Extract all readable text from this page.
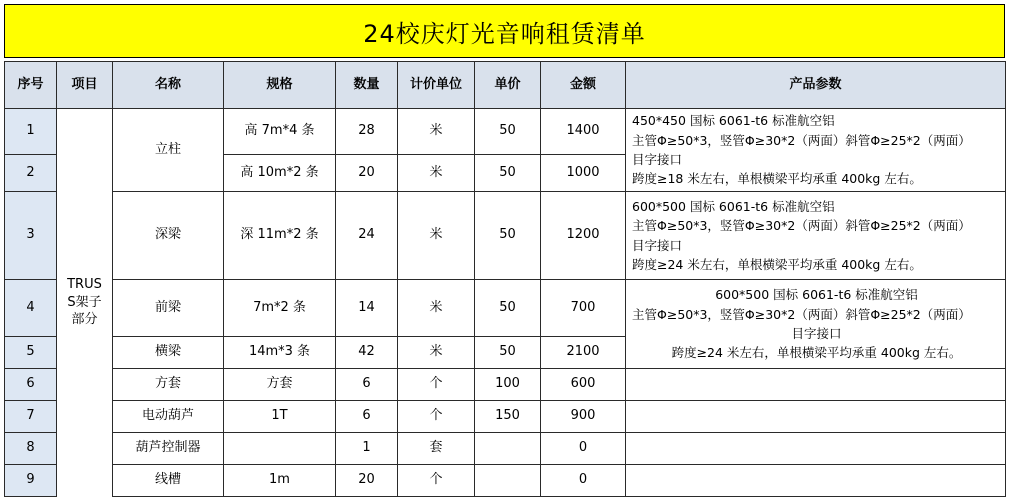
24校庆灯光音响租赁清单
序号	项目	名称	规格	数量	计价单位	单价	金额	产品参数
1	TRUSS架子部分	立柱	高 7m*4 条	28	米	50	1400	450*450 国标 6061-t6 标准航空铝
主管Φ≥50*3，竖管Φ≥30*2（两面）斜管Φ≥25*2（两面）
目字接口
跨度≥18 米左右，单根横梁平均承重 400kg 左右。

2			高 10m*2 条	20	米	50	1000	
3		深梁	深 11m*2 条	24	米	50	1200	600*500 国标 6061-t6 标准航空铝
主管Φ≥50*3，竖管Φ≥30*2（两面）斜管Φ≥25*2（两面）
目字接口
跨度≥24 米左右，单根横梁平均承重 400kg 左右。

4		前梁	7m*2 条	14	米	50	700	600*500 国标 6061-t6 标准航空铝
主管Φ≥50*3，竖管Φ≥30*2（两面）斜管Φ≥25*2（两面）
目字接口
跨度≥24 米左右，单根横梁平均承重 400kg 左右。

5		横梁	14m*3 条	42	米	50	2100	
6		方套	方套	6	个	100	600	
7		电动葫芦	1T	6	个	150	900	
8		葫芦控制器		1	套		0	
9		线槽	1m	20	个		0	
